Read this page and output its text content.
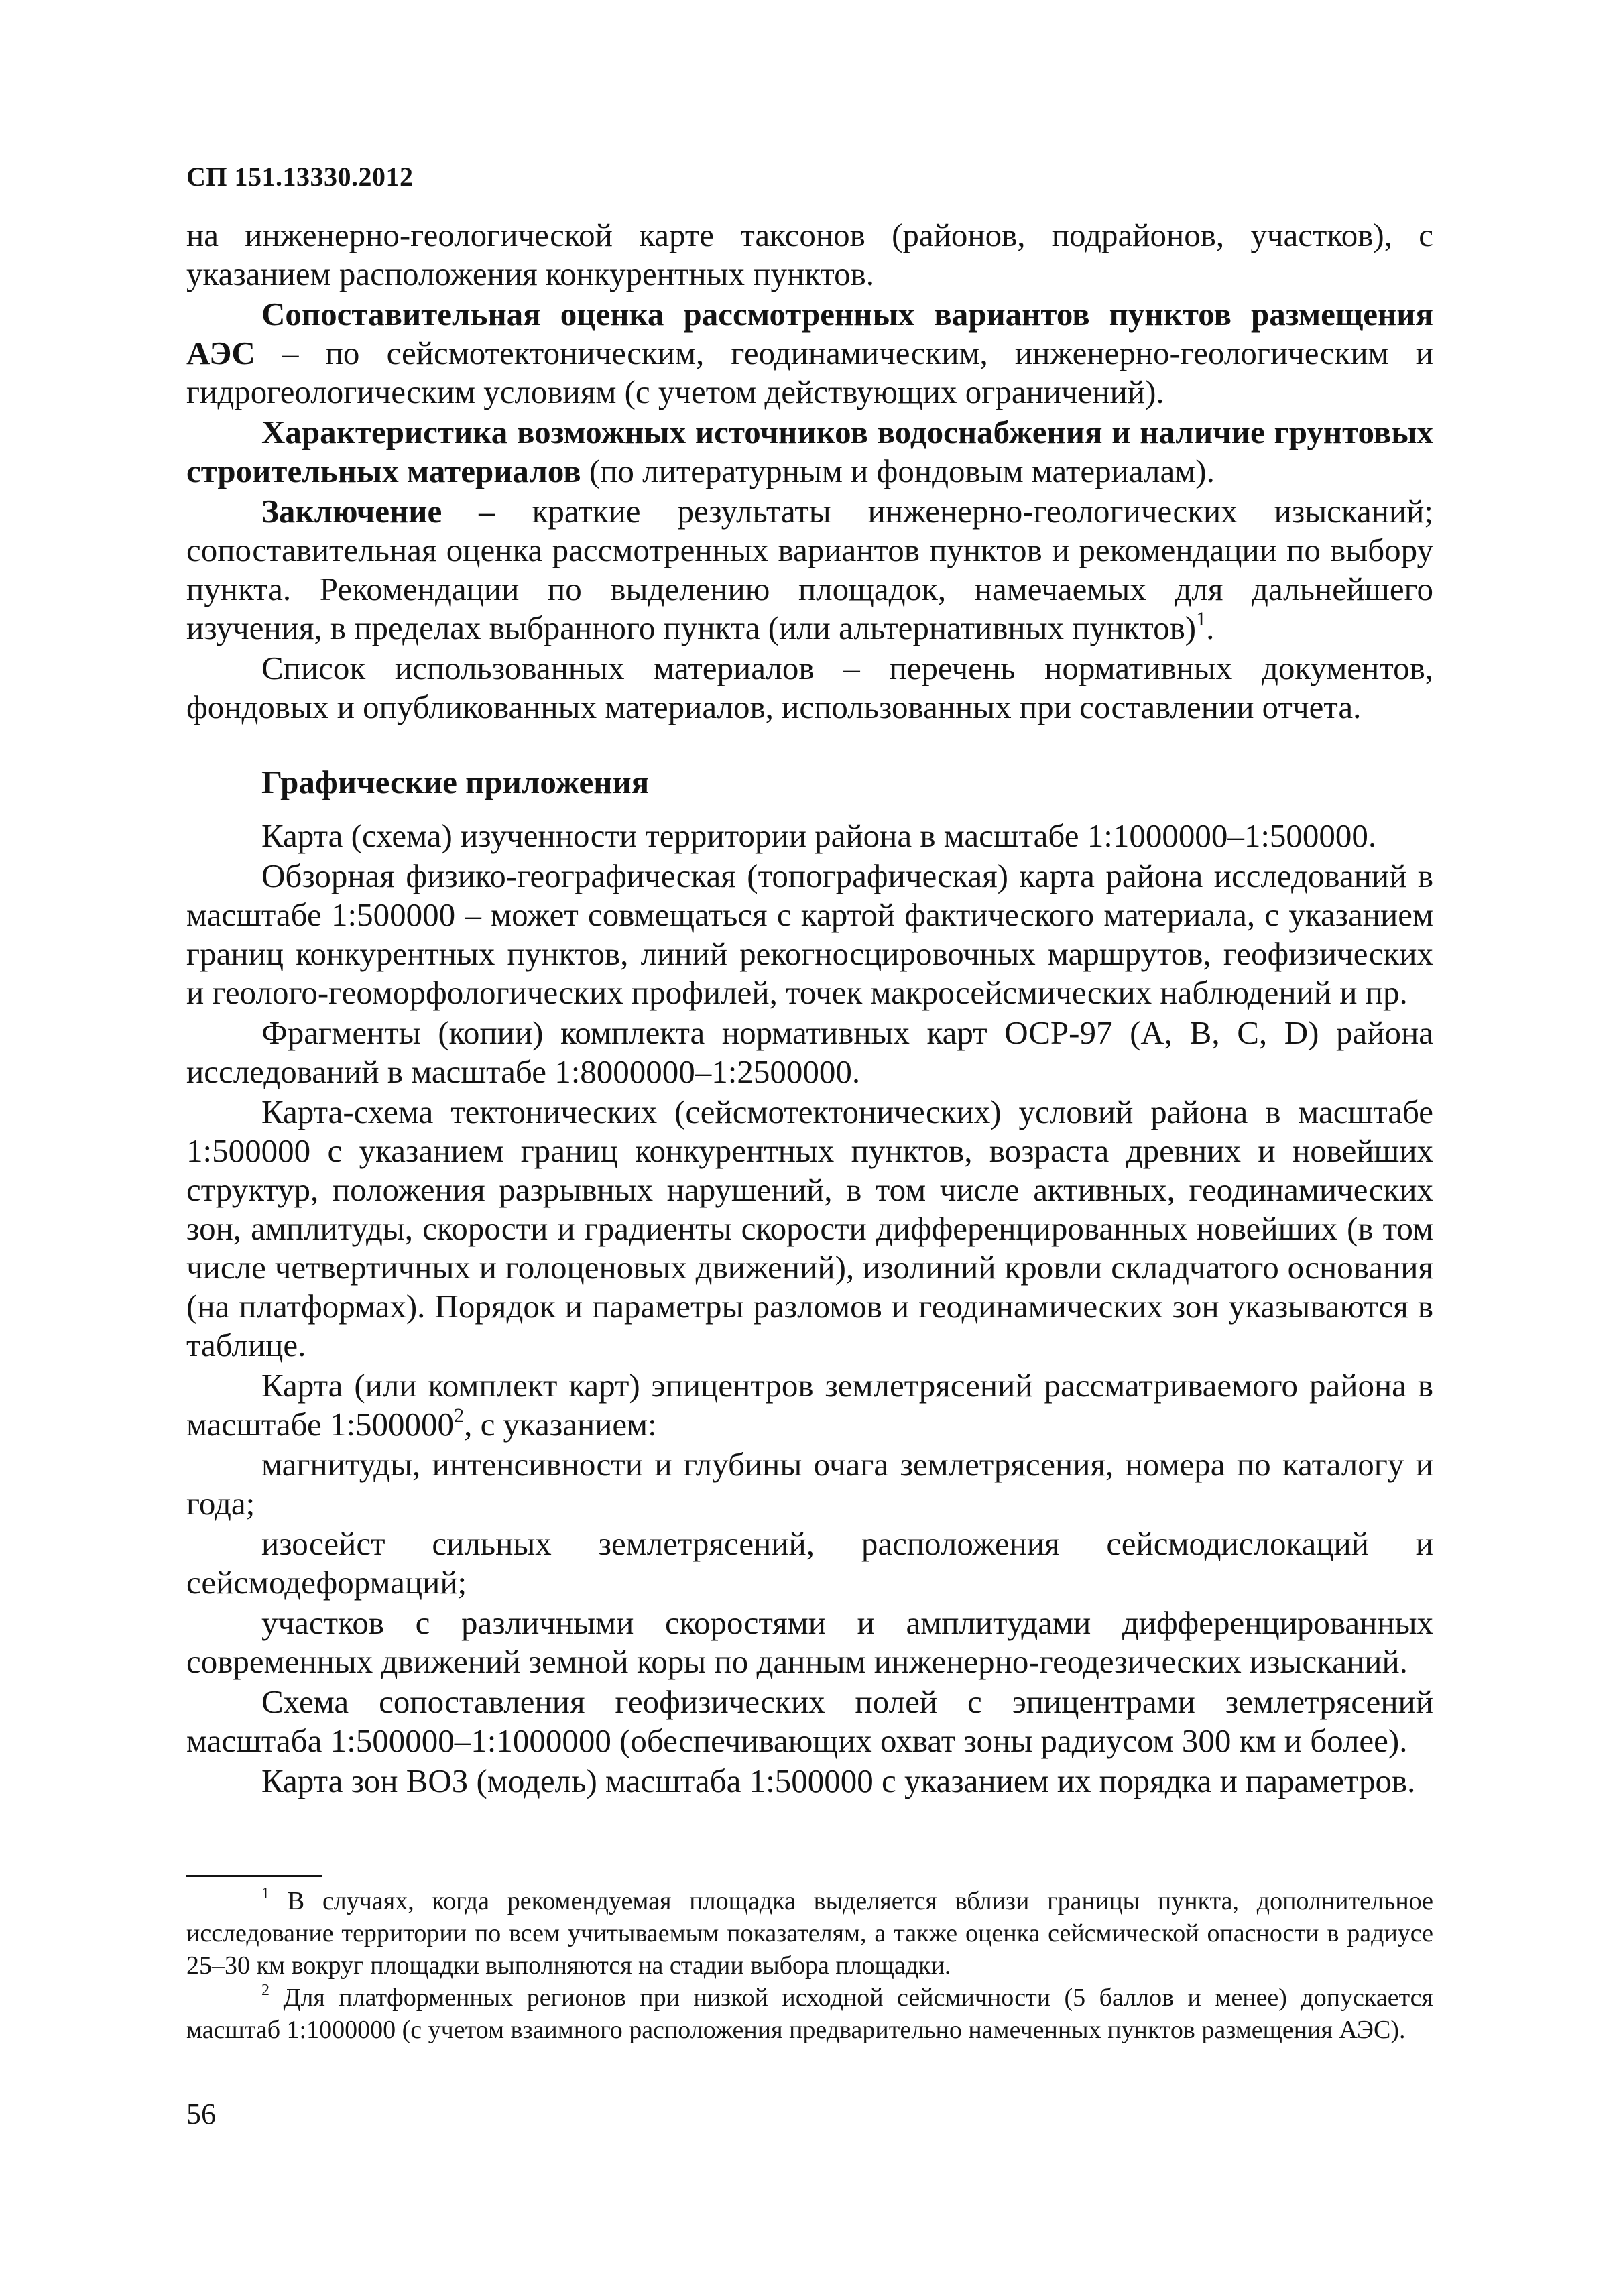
СП 151.13330.2012

на инженерно-геологической карте таксонов (районов, подрайонов, участков), с указанием расположения конкурентных пунктов.

Сопоставительная оценка рассмотренных вариантов пунктов размещения АЭС – по сейсмотектоническим, геодинамическим, инженерно-геологическим и гидрогеологическим условиям (с учетом действующих ограничений).

Характеристика возможных источников водоснабжения и наличие грунтовых строительных материалов (по литературным и фондовым материалам).

Заключение – краткие результаты инженерно-геологических изысканий; сопоставительная оценка рассмотренных вариантов пунктов и рекомендации по выбору пункта. Рекомендации по выделению площадок, намечаемых для дальнейшего изучения, в пределах выбранного пункта (или альтернативных пунктов)$^1$.

Список использованных материалов – перечень нормативных документов, фондовых и опубликованных материалов, использованных при составлении отчета.

Графические приложения

Карта (схема) изученности территории района в масштабе 1:1000000–1:500000.

Обзорная физико-географическая (топографическая) карта района исследований в масштабе 1:500000 – может совмещаться с картой фактического материала, с указанием границ конкурентных пунктов, линий рекогносцировочных маршрутов, геофизических и геолого-геоморфологических профилей, точек макросейсмических наблюдений и пр.

Фрагменты (копии) комплекта нормативных карт ОСР-97 (A, B, C, D) района исследований в масштабе 1:8000000–1:2500000.

Карта-схема тектонических (сейсмотектонических) условий района в масштабе 1:500000 с указанием границ конкурентных пунктов, возраста древних и новейших структур, положения разрывных нарушений, в том числе активных, геодинамических зон, амплитуды, скорости и градиенты скорости дифференцированных новейших (в том числе четвертичных и голоценовых движений), изолиний кровли складчатого основания (на платформах). Порядок и параметры разломов и геодинамических зон указываются в таблице.

Карта (или комплект карт) эпицентров землетрясений рассматриваемого района в масштабе 1:500000$^2$, с указанием:

магнитуды, интенсивности и глубины очага землетрясения, номера по каталогу и года;

изосейст сильных землетрясений, расположения сейсмодислокаций и сейсмодеформаций;

участков с различными скоростями и амплитудами дифференцированных современных движений земной коры по данным инженерно-геодезических изысканий.

Схема сопоставления геофизических полей с эпицентрами землетрясений масштаба 1:500000–1:1000000 (обеспечивающих охват зоны радиусом 300 км и более).

Карта зон ВОЗ (модель) масштаба 1:500000 с указанием их порядка и параметров.

$^1$ В случаях, когда рекомендуемая площадка выделяется вблизи границы пункта, дополнительное исследование территории по всем учитываемым показателям, а также оценка сейсмической опасности в радиусе 25–30 км вокруг площадки выполняются на стадии выбора площадки.

$^2$ Для платформенных регионов при низкой исходной сейсмичности (5 баллов и менее) допускается масштаб 1:1000000 (с учетом взаимного расположения предварительно намеченных пунктов размещения АЭС).

56
